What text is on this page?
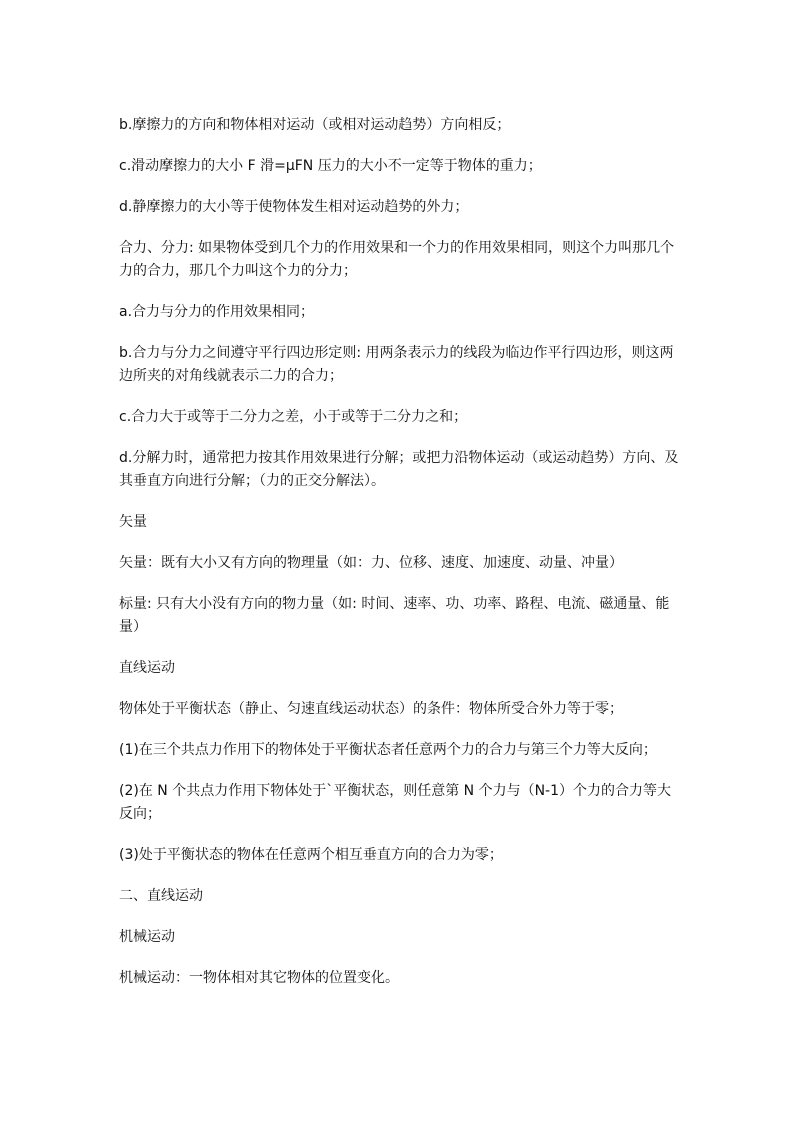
b.摩擦力的方向和物体相对运动（或相对运动趋势）方向相反；

c.滑动摩擦力的大小 F 滑=μFN 压力的大小不一定等于物体的重力；

d.静摩擦力的大小等于使物体发生相对运动趋势的外力；

合力、分力: 如果物体受到几个力的作用效果和一个力的作用效果相同，则这个力叫那几个力的合力，那几个力叫这个力的分力；

a.合力与分力的作用效果相同；

b.合力与分力之间遵守平行四边形定则: 用两条表示力的线段为临边作平行四边形，则这两边所夹的对角线就表示二力的合力；

c.合力大于或等于二分力之差，小于或等于二分力之和；

d.分解力时，通常把力按其作用效果进行分解；或把力沿物体运动（或运动趋势）方向、及其垂直方向进行分解；（力的正交分解法）。

矢量

矢量：既有大小又有方向的物理量（如：力、位移、速度、加速度、动量、冲量）

标量: 只有大小没有方向的物力量（如: 时间、速率、功、功率、路程、电流、磁通量、能量）

直线运动

物体处于平衡状态（静止、匀速直线运动状态）的条件：物体所受合外力等于零；

(1)在三个共点力作用下的物体处于平衡状态者任意两个力的合力与第三个力等大反向；

(2)在 N 个共点力作用下物体处于`平衡状态，则任意第 N 个力与（N-1）个力的合力等大反向；

(3)处于平衡状态的物体在任意两个相互垂直方向的合力为零；

二、直线运动

机械运动

机械运动：一物体相对其它物体的位置变化。
